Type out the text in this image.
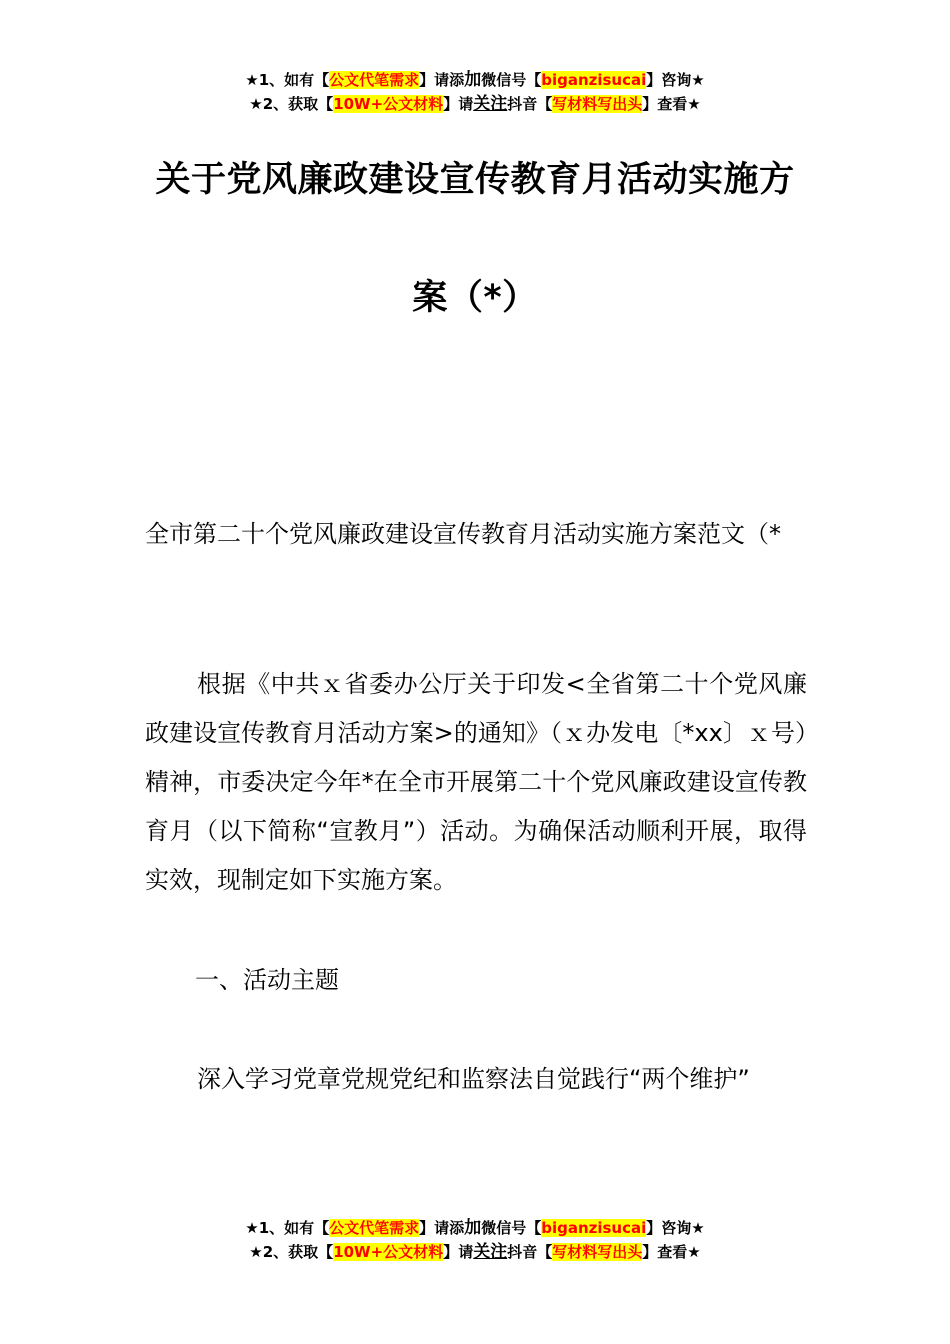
★1、如有【公文代笔需求】请添加微信号【biganzisucai】咨询★
★2、获取【10W+公文材料】请关注抖音【写材料写出头】查看★
关于党风廉政建设宣传教育月活动实施方
案（*）
全市第二十个党风廉政建设宣传教育月活动实施方案范文（*
根据《中共ｘ省委办公厅关于印发<全省第二十个党风廉政建设宣传教育月活动方案>的通知》（ｘ办发电〔*xx〕ｘ号）精神，市委决定今年*在全市开展第二十个党风廉政建设宣传教育月（以下简称“宣教月”）活动。为确保活动顺利开展，取得实效，现制定如下实施方案。
一、活动主题
深入学习党章党规党纪和监察法自觉践行“两个维护”
★1、如有【公文代笔需求】请添加微信号【biganzisucai】咨询★
★2、获取【10W+公文材料】请关注抖音【写材料写出头】查看★
